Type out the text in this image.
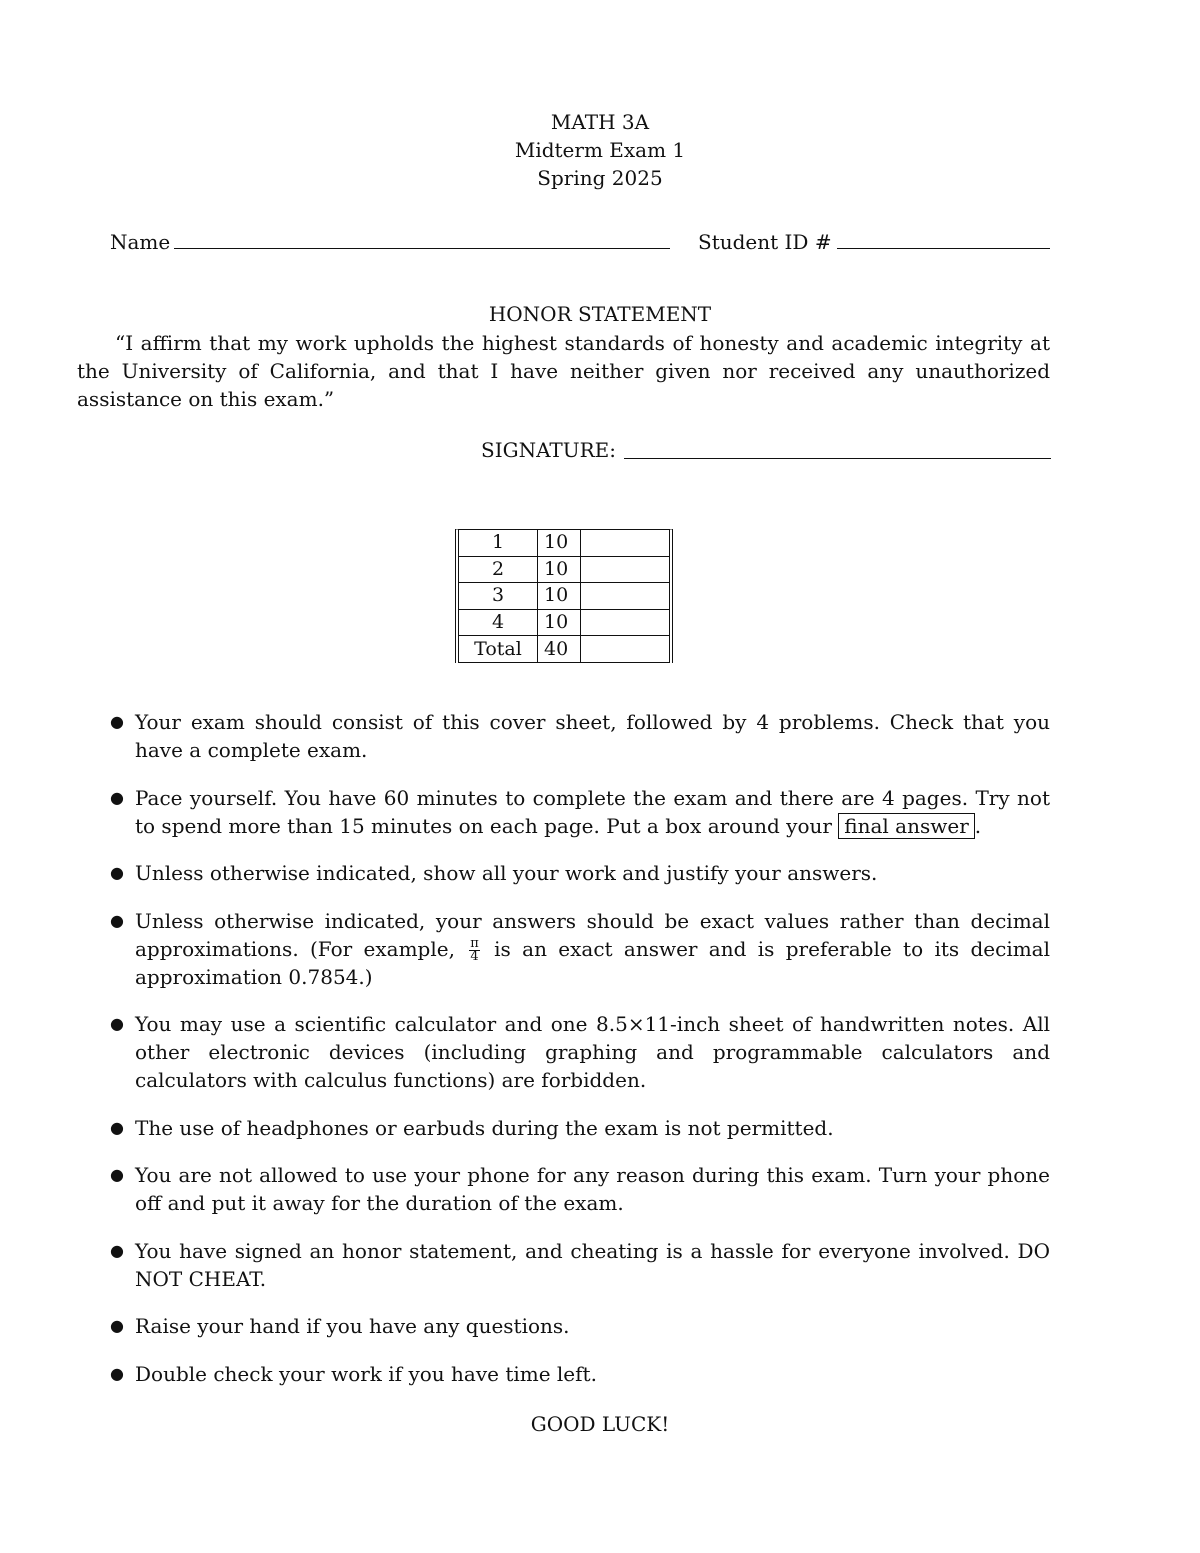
MATH 3A
Midterm Exam 1
Spring 2025
Name	Student ID #
HONOR STATEMENT
“I affirm that my work upholds the highest standards of honesty and academic integrity at the University of California, and that I have neither given nor received any unauthorized assistance on this exam.”
SIGNATURE:
1	10	
2	10	
3	10	
4	10	
Total	40	
● Your exam should consist of this cover sheet, followed by 4 problems. Check that you have a complete exam.
● Pace yourself. You have 60 minutes to complete the exam and there are 4 pages. Try not to spend more than 15 minutes on each page. Put a box around your final answer .
● Unless otherwise indicated, show all your work and justify your answers.
● Unless otherwise indicated, your answers should be exact values rather than decimal approximations. (For example, $\frac{\pi}{4}$ is an exact answer and is preferable to its decimal approximation 0.7854.)
● You may use a scientific calculator and one 8.5×11-inch sheet of handwritten notes. All other electronic devices (including graphing and programmable calculators and calculators with calculus functions) are forbidden.
● The use of headphones or earbuds during the exam is not permitted.
● You are not allowed to use your phone for any reason during this exam. Turn your phone off and put it away for the duration of the exam.
● You have signed an honor statement, and cheating is a hassle for everyone involved. DO NOT CHEAT.
● Raise your hand if you have any questions.
● Double check your work if you have time left.
GOOD LUCK!
